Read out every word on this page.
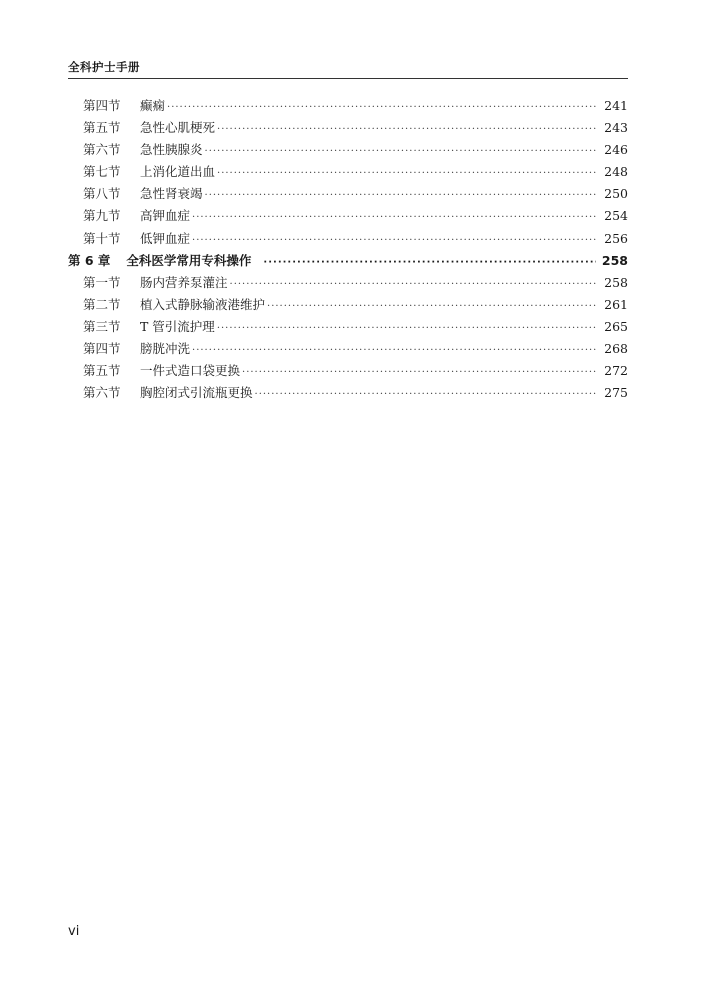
全科护士手册
第四节	癫痫 ·····	241
第五节	急性心肌梗死 ·····	243
第六节	急性胰腺炎 ·····	246
第七节	上消化道出血 ·····	248
第八节	急性肾衰竭 ·····	250
第九节	高钾血症 ·····	254
第十节	低钾血症 ·····	256
第 6 章 全科医学常用专科操作 ·····	258
第一节	肠内营养泵灌注 ·····	258
第二节	植入式静脉输液港维护 ·····	261
第三节	T 管引流护理 ·····	265
第四节	膀胱冲洗 ·····	268
第五节	一件式造口袋更换 ·····	272
第六节	胸腔闭式引流瓶更换 ·····	275
vi
